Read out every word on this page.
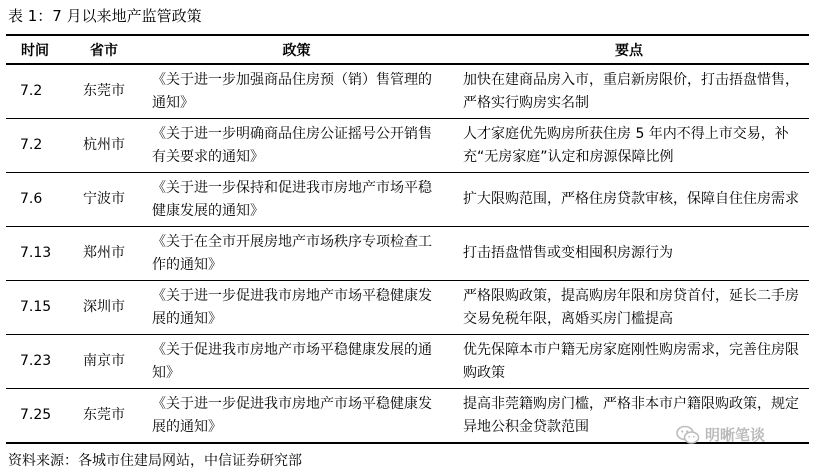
表 1：7 月以来地产监管政策
时间	省市	政策	要点
7.2	东莞市	《关于进一步加强商品住房预（销）售管理的通知》	加快在建商品房入市，重启新房限价，打击捂盘惜售，严格实行购房实名制
7.2	杭州市	《关于进一步明确商品住房公证摇号公开销售有关要求的通知》	人才家庭优先购房所获住房 5 年内不得上市交易，补充“无房家庭”认定和房源保障比例
7.6	宁波市	《关于进一步保持和促进我市房地产市场平稳健康发展的通知》	扩大限购范围，严格住房贷款审核，保障自住住房需求
7.13	郑州市	《关于在全市开展房地产市场秩序专项检查工作的通知》	打击捂盘惜售或变相囤积房源行为
7.15	深圳市	《关于进一步促进我市房地产市场平稳健康发展的通知》	严格限购政策，提高购房年限和房贷首付，延长二手房交易免税年限，离婚买房门槛提高
7.23	南京市	《关于促进我市房地产市场平稳健康发展的通知》	优先保障本市户籍无房家庭刚性购房需求，完善住房限购政策
7.25	东莞市	《关于进一步促进我市房地产市场平稳健康发展的通知》	提高非莞籍购房门槛，严格非本市户籍限购政策，规定异地公积金贷款范围
资料来源：各城市住建局网站，中信证券研究部
明晰笔谈
